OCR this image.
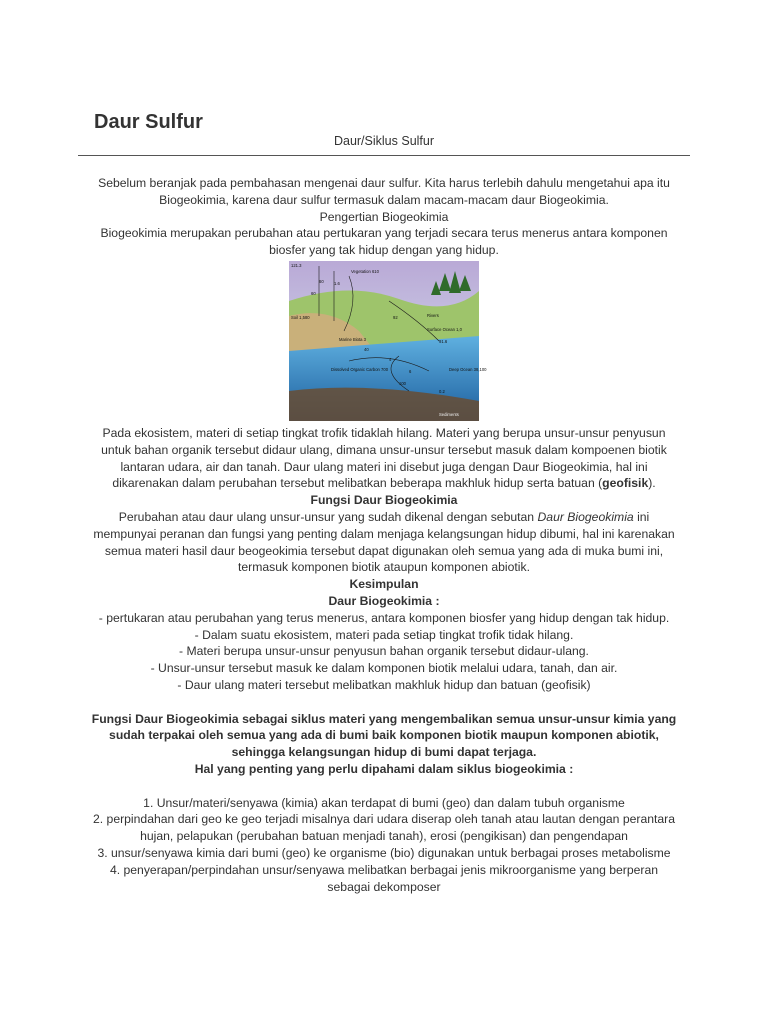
Daur Sulfur
Daur/Siklus Sulfur

Sebelum beranjak pada pembahasan mengenai daur sulfur. Kita harus terlebih dahulu mengetahui apa itu Biogeokimia, karena daur sulfur termasuk dalam macam-macam daur Biogeokimia.

Pengertian Biogeokimia

Biogeokimia merupakan perubahan atau pertukaran yang terjadi secara terus menerus antara komponen biosfer yang tak hidup dengan yang hidup.

121.3
Vegetation 610
60 1.6
60
Soil 1,580	Rivers
92
Surface Ocean 1,0
Marine Biota 3	91.6
40
4
Dissolved Organic Carbon 700	Deep Ocean 38,100
6
100
0.2
Sediments

Pada ekosistem, materi di setiap tingkat trofik tidaklah hilang. Materi yang berupa unsur-unsur penyusun untuk bahan organik tersebut didaur ulang, dimana unsur-unsur tersebut masuk dalam kompoenen biotik lantaran udara, air dan tanah. Daur ulang materi ini disebut juga dengan Daur Biogeokimia, hal ini dikarenakan dalam perubahan tersebut melibatkan beberapa makhluk hidup serta batuan (geofisik).

Fungsi Daur Biogeokimia

Perubahan atau daur ulang unsur-unsur yang sudah dikenal dengan sebutan Daur Biogeokimia ini mempunyai peranan dan fungsi yang penting dalam menjaga kelangsungan hidup dibumi, hal ini karenakan semua materi hasil daur beogeokimia tersebut dapat digunakan oleh semua yang ada di muka bumi ini, termasuk komponen biotik ataupun komponen abiotik.

Kesimpulan

Daur Biogeokimia :

- pertukaran atau perubahan yang terus menerus, antara komponen biosfer yang hidup dengan tak hidup.

- Dalam suatu ekosistem, materi pada setiap tingkat trofik tidak hilang.

- Materi berupa unsur-unsur penyusun bahan organik tersebut didaur-ulang.

- Unsur-unsur tersebut masuk ke dalam komponen biotik melalui udara, tanah, dan air.

- Daur ulang materi tersebut melibatkan makhluk hidup dan batuan (geofisik)

Fungsi Daur Biogeokimia sebagai siklus materi yang mengembalikan semua unsur-unsur kimia yang sudah terpakai oleh semua yang ada di bumi baik komponen biotik maupun komponen abiotik, sehingga kelangsungan hidup di bumi dapat terjaga.

Hal yang penting yang perlu dipahami dalam siklus biogeokimia :

1. Unsur/materi/senyawa (kimia) akan terdapat di bumi (geo) dan dalam tubuh organisme

2. perpindahan dari geo ke geo terjadi misalnya dari udara diserap oleh tanah atau lautan dengan perantara hujan, pelapukan (perubahan batuan menjadi tanah), erosi (pengikisan) dan pengendapan

3. unsur/senyawa kimia dari bumi (geo) ke organisme (bio) digunakan untuk berbagai proses metabolisme

4. penyerapan/perpindahan unsur/senyawa melibatkan berbagai jenis mikroorganisme yang berperan sebagai dekomposer
